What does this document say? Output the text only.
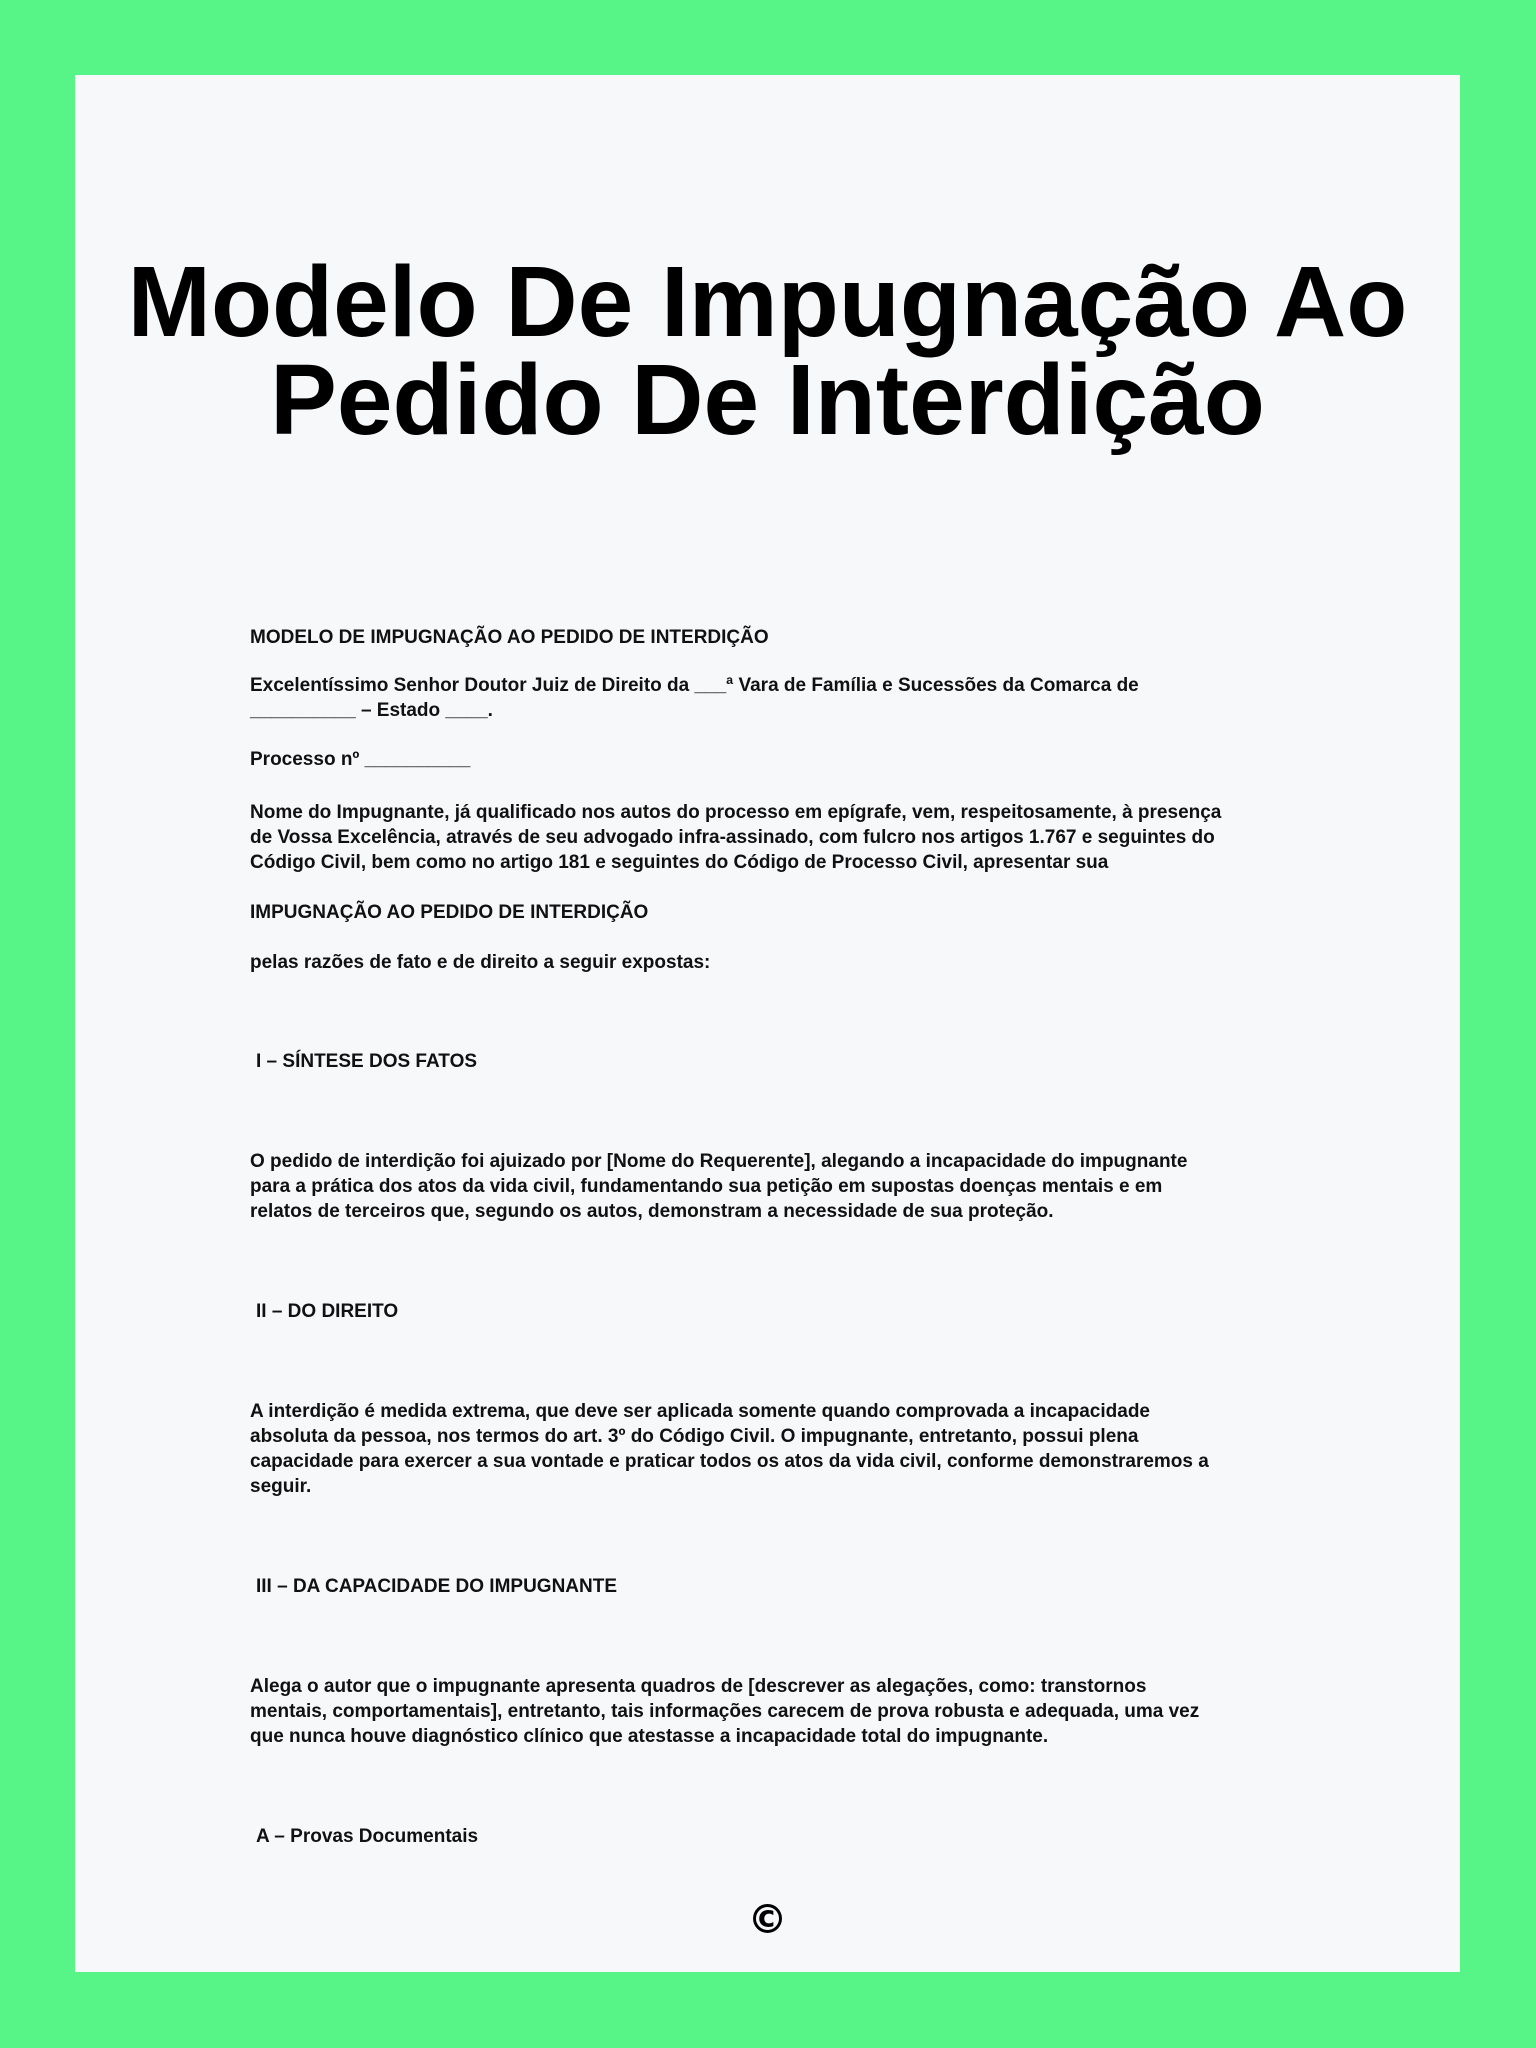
Modelo De Impugnação Ao
Pedido De Interdição

MODELO DE IMPUGNAÇÃO AO PEDIDO DE INTERDIÇÃO

Excelentíssimo Senhor Doutor Juiz de Direito da ___ª Vara de Família e Sucessões da Comarca de

__________ – Estado ____.

Processo nº __________

Nome do Impugnante, já qualificado nos autos do processo em epígrafe, vem, respeitosamente, à presença

de Vossa Excelência, através de seu advogado infra-assinado, com fulcro nos artigos 1.767 e seguintes do

Código Civil, bem como no artigo 181 e seguintes do Código de Processo Civil, apresentar sua

IMPUGNAÇÃO AO PEDIDO DE INTERDIÇÃO

pelas razões de fato e de direito a seguir expostas:

I – SÍNTESE DOS FATOS

O pedido de interdição foi ajuizado por [Nome do Requerente], alegando a incapacidade do impugnante

para a prática dos atos da vida civil, fundamentando sua petição em supostas doenças mentais e em

relatos de terceiros que, segundo os autos, demonstram a necessidade de sua proteção.

II – DO DIREITO

A interdição é medida extrema, que deve ser aplicada somente quando comprovada a incapacidade

absoluta da pessoa, nos termos do art. 3º do Código Civil. O impugnante, entretanto, possui plena

capacidade para exercer a sua vontade e praticar todos os atos da vida civil, conforme demonstraremos a

seguir.

III – DA CAPACIDADE DO IMPUGNANTE

Alega o autor que o impugnante apresenta quadros de [descrever as alegações, como: transtornos

mentais, comportamentais], entretanto, tais informações carecem de prova robusta e adequada, uma vez

que nunca houve diagnóstico clínico que atestasse a incapacidade total do impugnante.

A – Provas Documentais

©
